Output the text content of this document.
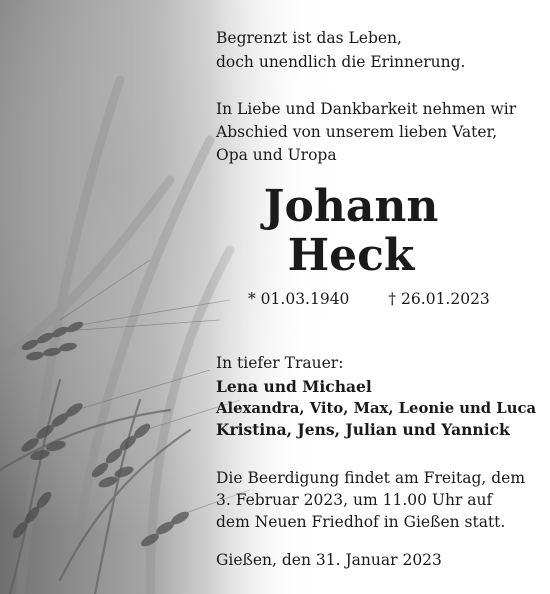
Begrenzt ist das Leben,
doch unendlich die Erinnerung.
In Liebe und Dankbarkeit nehmen wir
Abschied von unserem lieben Vater,
Opa und Uropa
Johann
Heck
* 01.03.1940	† 26.01.2023
In tiefer Trauer:
Lena und Michael
Alexandra, Vito, Max, Leonie und Luca
Kristina, Jens, Julian und Yannick
Die Beerdigung findet am Freitag, dem
3. Februar 2023, um 11.00 Uhr auf
dem Neuen Friedhof in Gießen statt.
Gießen, den 31. Januar 2023
